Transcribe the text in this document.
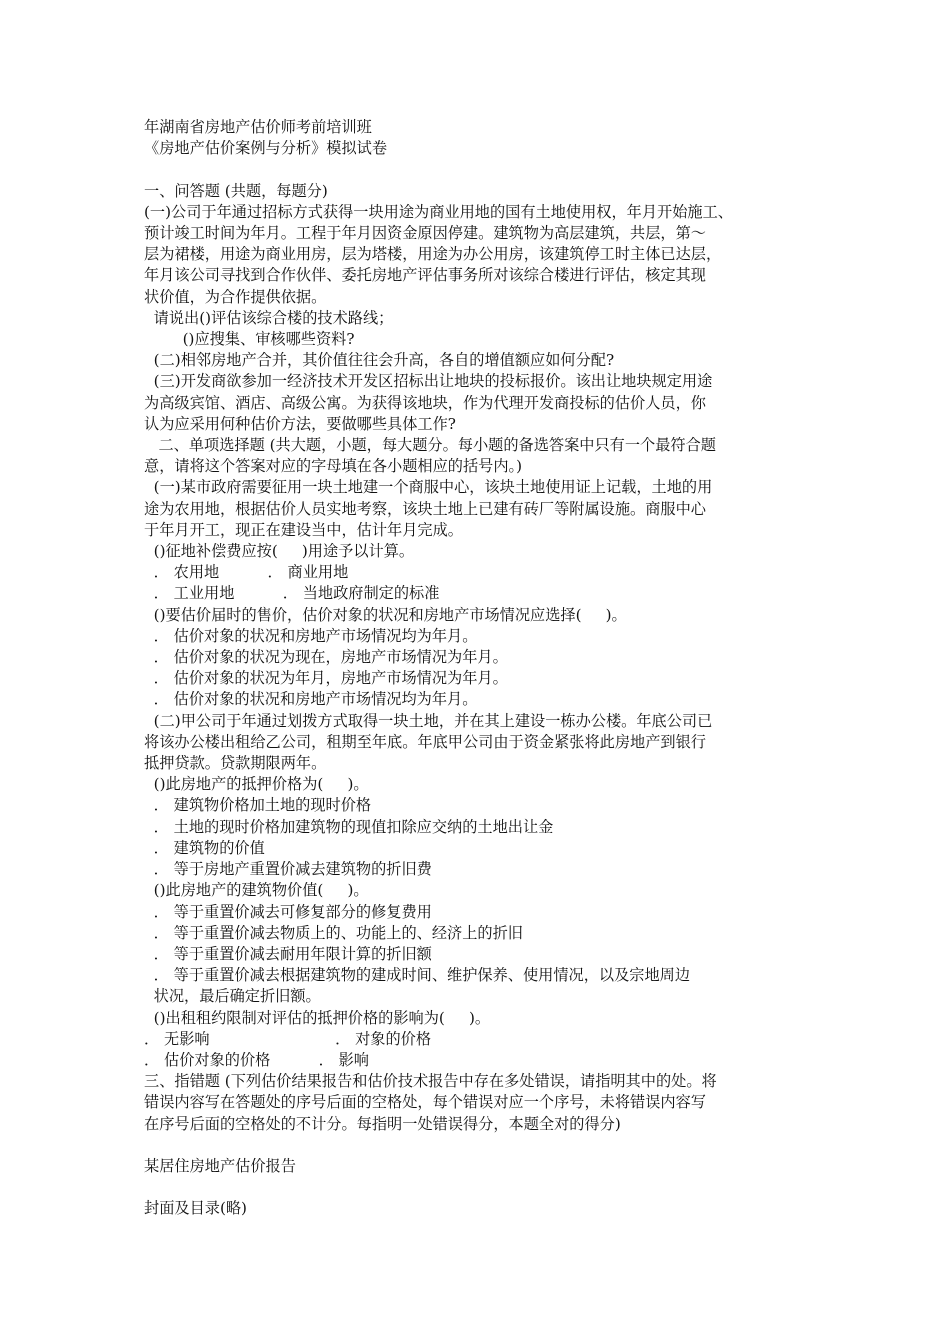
年湖南省房地产估价师考前培训班
《房地产估价案例与分析》模拟试卷
一、问答题 (共题，每题分)
(一)公司于年通过招标方式获得一块用途为商业用地的国有土地使用权，年月开始施工、
预计竣工时间为年月。工程于年月因资金原因停建。建筑物为高层建筑，共层，第～
层为裙楼，用途为商业用房，层为塔楼，用途为办公用房，该建筑停工时主体已达层，
年月该公司寻找到合作伙伴、委托房地产评估事务所对该综合楼进行评估，核定其现
状价值，为合作提供依据。
请说出()评估该综合楼的技术路线；
()应搜集、审核哪些资料?
(二)相邻房地产合并，其价值往往会升高，各自的增值额应如何分配?
(三)开发商欲参加一经济技术开发区招标出让地块的投标报价。该出让地块规定用途
为高级宾馆、酒店、高级公寓。为获得该地块，作为代理开发商投标的估价人员，你
认为应采用何种估价方法，要做哪些具体工作?
二、单项选择题 (共大题，小题，每大题分。每小题的备选答案中只有一个最符合题
意，请将这个答案对应的字母填在各小题相应的括号内。)
(一)某市政府需要征用一块土地建一个商服中心，该块土地使用证上记载，土地的用
途为农用地，根据估价人员实地考察，该块土地上已建有砖厂等附属设施。商服中心
于年月开工，现正在建设当中，估计年月完成。
()征地补偿费应按(     )用途予以计算。
． 农用地          ． 商业用地
． 工业用地          ． 当地政府制定的标准
()要估价届时的售价，估价对象的状况和房地产市场情况应选择(     )。
． 估价对象的状况和房地产市场情况均为年月。
． 估价对象的状况为现在，房地产市场情况为年月。
． 估价对象的状况为年月，房地产市场情况为年月。
． 估价对象的状况和房地产市场情况均为年月。
(二)甲公司于年通过划拨方式取得一块土地，并在其上建设一栋办公楼。年底公司已
将该办公楼出租给乙公司，租期至年底。年底甲公司由于资金紧张将此房地产到银行
抵押贷款。贷款期限两年。
()此房地产的抵押价格为(     )。
． 建筑物价格加土地的现时价格
． 土地的现时价格加建筑物的现值扣除应交纳的土地出让金
． 建筑物的价值
． 等于房地产重置价减去建筑物的折旧费
()此房地产的建筑物价值(     )。
． 等于重置价减去可修复部分的修复费用
． 等于重置价减去物质上的、功能上的、经济上的折旧
． 等于重置价减去耐用年限计算的折旧额
． 等于重置价减去根据建筑物的建成时间、维护保养、使用情况，以及宗地周边
状况，最后确定折旧额。
()出租租约限制对评估的抵押价格的影响为(     )。
． 无影响                          ． 对象的价格
． 估价对象的价格          ． 影响
三、指错题 (下列估价结果报告和估价技术报告中存在多处错误，请指明其中的处。将
错误内容写在答题处的序号后面的空格处，每个错误对应一个序号，未将错误内容写
在序号后面的空格处的不计分。每指明一处错误得分，本题全对的得分)
某居住房地产估价报告
封面及目录(略)
